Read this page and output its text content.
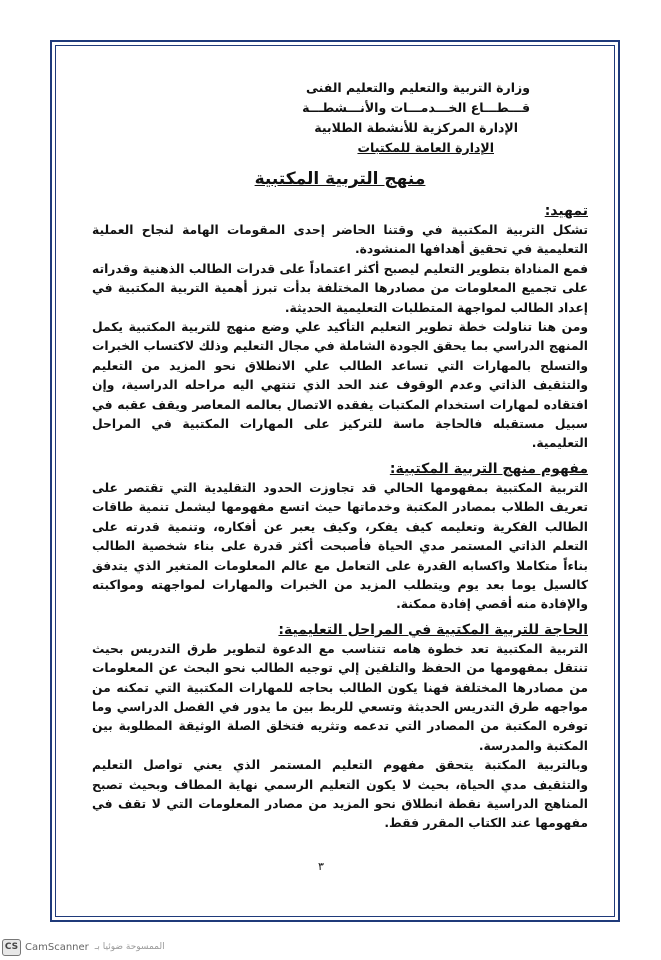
وزارة التربية والتعليم والتعليم الفنى
قـــطـــاع الخـــدمـــات والأنـــشطـــة
الإدارة المركزية للأنشطة الطلابية
الإدارة العامة للمكتبات
منهج التربية المكتبية
تمهيد:

تشكل التربية المكتبية في وقتنا الحاضر إحدى المقومات الهامة لنجاح العملية التعليمية في تحقيق أهدافها المنشودة.

فمع المناداة بتطوير التعليم ليصبح أكثر اعتماداً على قدرات الطالب الذهنية وقدراته على تجميع المعلومات من مصادرها المختلفة بدأت تبرز أهمية التربية المكتبية في إعداد الطالب لمواجهة المتطلبات التعليمية الحديثة.

ومن هنا تناولت خطة تطوير التعليم التأكيد علي وضع منهج للتربية المكتبية يكمل المنهج الدراسي بما يحقق الجودة الشاملة في مجال التعليم وذلك لاكتساب الخبرات والتسلح بالمهارات التي تساعد الطالب علي الانطلاق نحو المزيد من التعليم والتثقيف الذاتي وعدم الوقوف عند الحد الذي تنتهي اليه مراحله الدراسية، وإن افتقاده لمهارات استخدام المكتبات يفقده الاتصال بعالمه المعاصر ويقف عقبه في سبيل مستقبله فالحاجة ماسة للتركيز على المهارات المكتبية في المراحل التعليمية.

مفهوم منهج التربية المكتبية:

التربية المكتبية بمفهومها الحالي قد تجاوزت الحدود التقليدية التي تقتصر على تعريف الطلاب بمصادر المكتبة وخدماتها حيث اتسع مفهومها ليشمل تنمية طاقات الطالب الفكرية وتعليمه كيف يفكر، وكيف يعبر عن أفكاره، وتنمية قدرته على التعلم الذاتي المستمر مدي الحياة فأصبحت أكثر قدرة على بناء شخصية الطالب بناءاً متكاملا واكسابه القدرة على التعامل مع عالم المعلومات المتغير الذي يتدفق كالسيل يوما بعد يوم ويتطلب المزيد من الخبرات والمهارات لمواجهته ومواكبته والإفادة منه أقصي إفادة ممكنة.

الحاجة للتربية المكتبية في المراحل التعليمية:

التربية المكتبية تعد خطوة هامه تتناسب مع الدعوة لتطوير طرق التدريس بحيث تنتقل بمفهومها من الحفظ والتلقين إلي توجيه الطالب نحو البحث عن المعلومات من مصادرها المختلفة فهنا يكون الطالب بحاجه للمهارات المكتبية التي تمكنه من مواجهه طرق التدريس الحديثة وتسعي للربط بين ما يدور في الفصل الدراسي وما توفره المكتبة من المصادر التي تدعمه وتثريه فتخلق الصلة الوثيقة المطلوبة بين المكتبة والمدرسة.

وبالتربية المكتبة يتحقق مفهوم التعليم المستمر الذي يعني تواصل التعليم والتثقيف مدي الحياة، بحيث لا يكون التعليم الرسمي نهاية المطاف وبحيث تصبح المناهج الدراسية نقطة انطلاق نحو المزيد من مصادر المعلومات التي لا تقف في مفهومها عند الكتاب المقرر فقط.

٣
CS CamScanner الممسوحة ضوئيا بـ
